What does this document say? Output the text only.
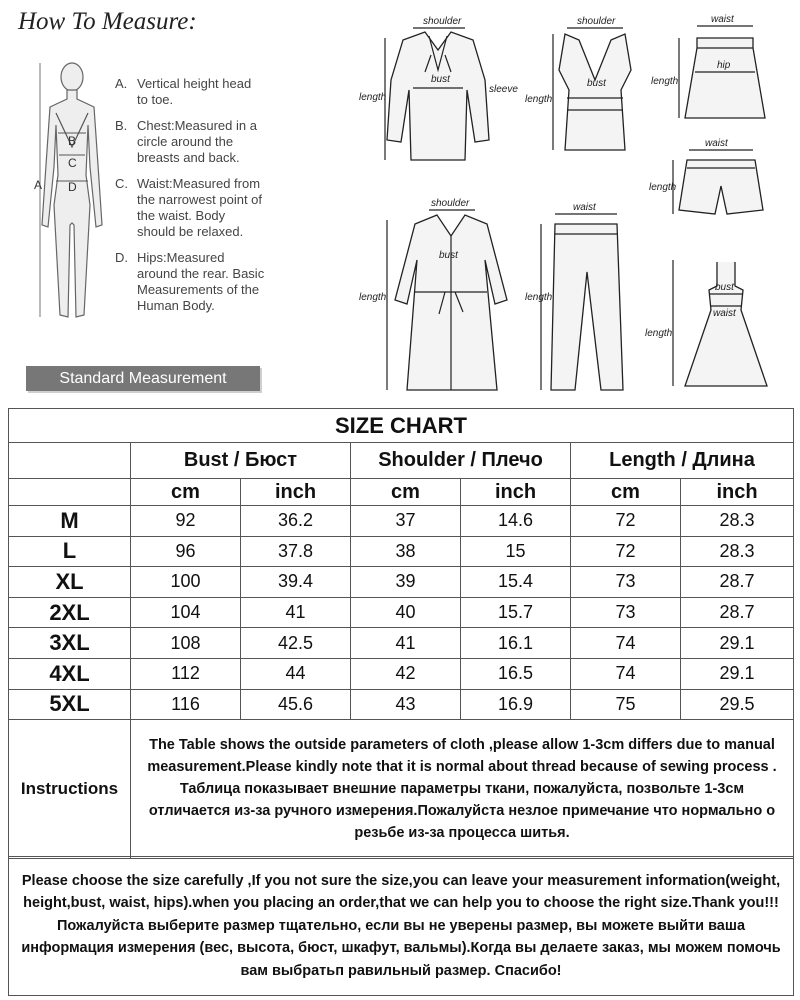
How To Measure:
A
B
C
D
A. Vertical height head to toe.
B. Chest:Measured in a circle around the breasts and back.
C. Waist:Measured from the narrowest point of the waist. Body should be relaxed.
D. Hips:Measured around the rear. Basic Measurements of the Human Body.
Standard Measurement
shoulder
bust
sleeve
length
shoulder
bust
length
waist
hip
length
waist
length
shoulder
bust
length
waist
length
bust
waist
length
SIZE CHART
Bust / Бюст	Shoulder / Плечо	Length / Длина
cm	inch	cm	inch	cm	inch
M	92	36.2	37	14.6	72	28.3
L	96	37.8	38	15	72	28.3
XL	100	39.4	39	15.4	73	28.7
2XL	104	41	40	15.7	73	28.7
3XL	108	42.5	41	16.1	74	29.1
4XL	112	44	42	16.5	74	29.1
5XL	116	45.6	43	16.9	75	29.5
Instructions
The Table shows the outside parameters of cloth ,please allow 1-3cm differs due to manual measurement.Please kindly note that it is normal about thread because of sewing process .
Таблица показывает внешние параметры ткани, пожалуйста, позвольте 1-3см отличается из-за ручного измерения.Пожалуйста незлое примечание что нормально о резьбе из-за процесса шитья.
Please choose the size carefully ,If you not sure the size,you can leave your measurement information(weight, height,bust, waist, hips).when you placing an order,that we can help you to choose the right size.Thank you!!!
Пожалуйста выберите размер тщательно, если вы не уверены размер, вы можете выйти ваша информация измерения (вес, высота, бюст, шкафут, вальмы).Когда вы делаете заказ, мы можем помочь вам выбратьп равильный размер. Спасибо!
